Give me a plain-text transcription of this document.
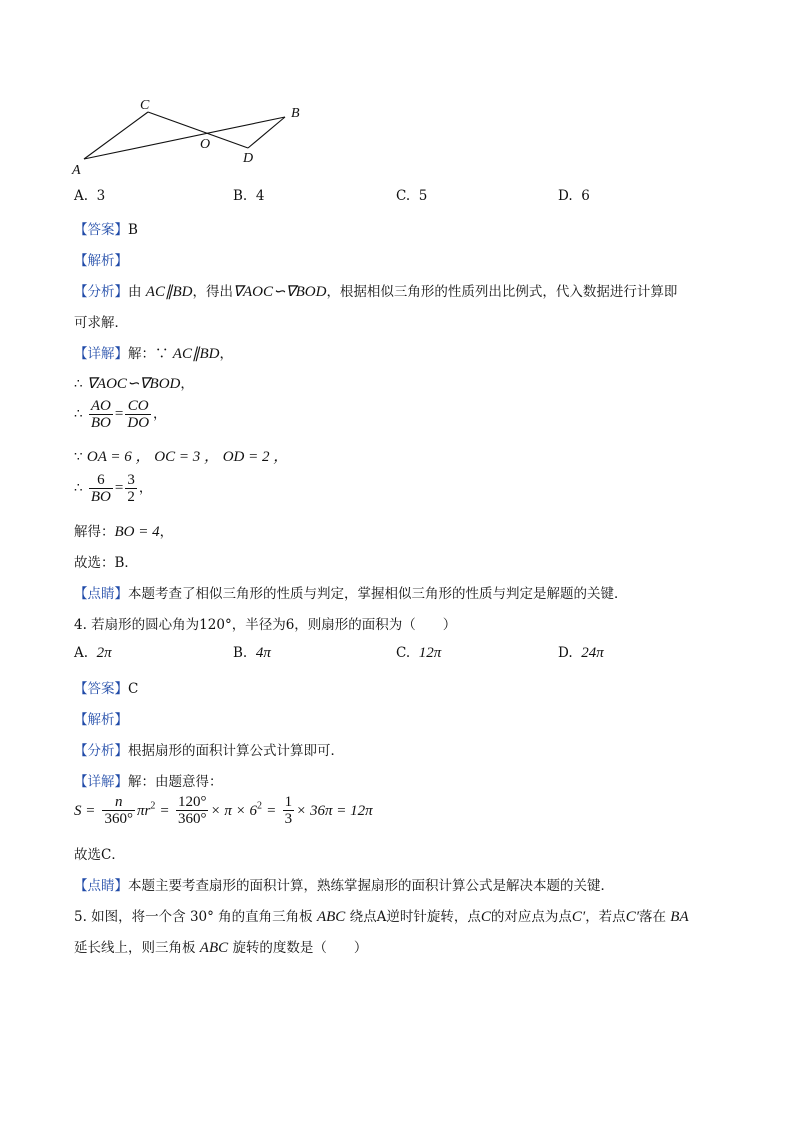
C
B
O
D
A
A. 3	B. 4	C. 5	D. 6
【答案】B
【解析】
【分析】由 AC∥BD，得出∇AOC∽∇BOD，根据相似三角形的性质列出比例式，代入数据进行计算即
可求解．
【详解】解：∵ AC∥BD，
∴ ∇AOC∽∇BOD，
∴ $\frac{AO}{BO} = \frac{CO}{DO}$ ，
∵ OA = 6 ， OC = 3 ， OD = 2 ，
∴ $\frac{6}{BO} = \frac{3}{2}$ ，
解得：BO = 4，
故选：B．
【点睛】本题考查了相似三角形的性质与判定，掌握相似三角形的性质与判定是解题的关键．
4. 若扇形的圆心角为120°，半径为6，则扇形的面积为（　　）
A. 2π	B. 4π	C. 12π	D. 24π
【答案】C
【解析】
【分析】根据扇形的面积计算公式计算即可．
【详解】解：由题意得：
$S = \frac{n}{360^\circ} \pi r^2 = \frac{120^\circ}{360^\circ} \times \pi \times 6^2 = \frac{1}{3} \times 36\pi = 12\pi$
故选C．
【点睛】本题主要考查扇形的面积计算，熟练掌握扇形的面积计算公式是解决本题的关键．
5. 如图，将一个含 30° 角的直角三角板 ABC 绕点A逆时针旋转，点C的对应点为点C′，若点C′落在 BA
延长线上，则三角板 ABC 旋转的度数是（　　）
